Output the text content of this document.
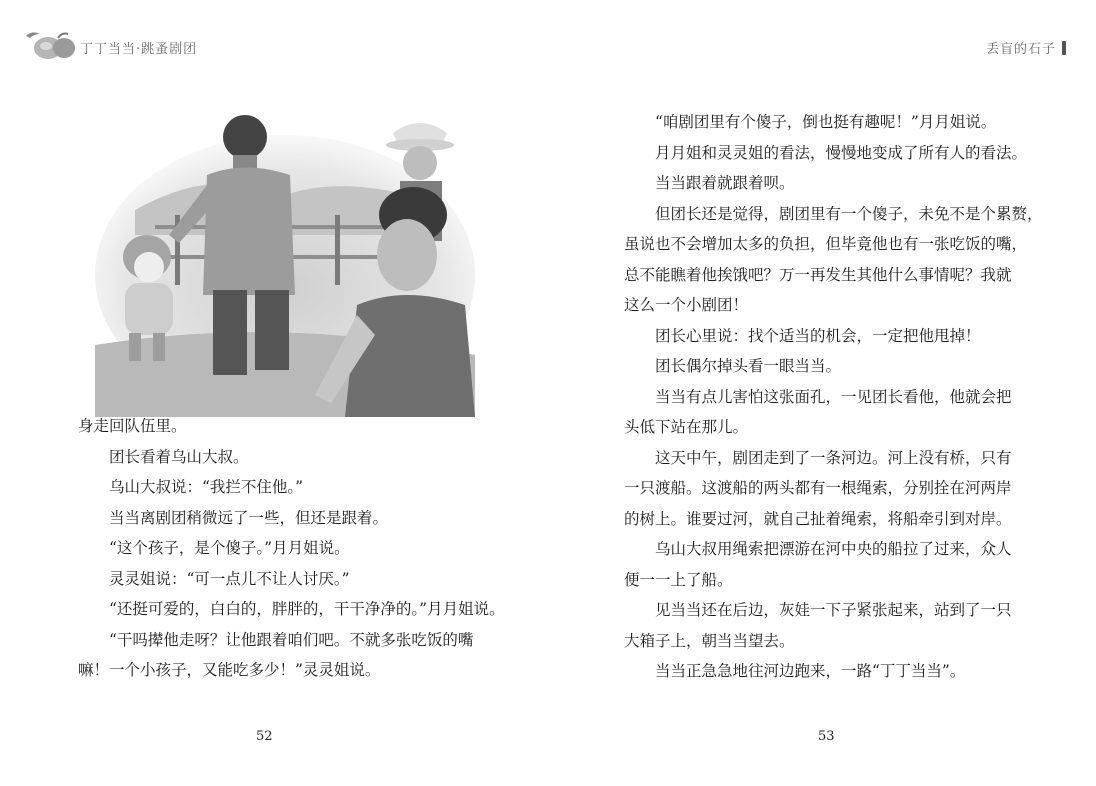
丁丁当当·跳蚤剧团

身走回队伍里。

团长看着乌山大叔。

乌山大叔说：“我拦不住他。”

当当离剧团稍微远了一些，但还是跟着。

“这个孩子，是个傻子。”月月姐说。

灵灵姐说：“可一点儿不让人讨厌。”

“还挺可爱的，白白的，胖胖的，干干净净的。”月月姐说。

“干吗撵他走呀？让他跟着咱们吧。不就多张吃饭的嘴

嘛！一个小孩子，又能吃多少！”灵灵姐说。

52
丢盲的石子

“咱剧团里有个傻子，倒也挺有趣呢！”月月姐说。

月月姐和灵灵姐的看法，慢慢地变成了所有人的看法。

当当跟着就跟着呗。

但团长还是觉得，剧团里有一个傻子，未免不是个累赘，

虽说也不会增加太多的负担，但毕竟他也有一张吃饭的嘴，

总不能瞧着他挨饿吧？万一再发生其他什么事情呢？我就

这么一个小剧团！

团长心里说：找个适当的机会，一定把他甩掉！

团长偶尔掉头看一眼当当。

当当有点儿害怕这张面孔，一见团长看他，他就会把

头低下站在那儿。

这天中午，剧团走到了一条河边。河上没有桥，只有

一只渡船。这渡船的两头都有一根绳索，分别拴在河两岸

的树上。谁要过河，就自己扯着绳索，将船牵引到对岸。

乌山大叔用绳索把漂游在河中央的船拉了过来，众人

便一一上了船。

见当当还在后边，灰娃一下子紧张起来，站到了一只

大箱子上，朝当当望去。

当当正急急地往河边跑来，一路“丁丁当当”。

53
